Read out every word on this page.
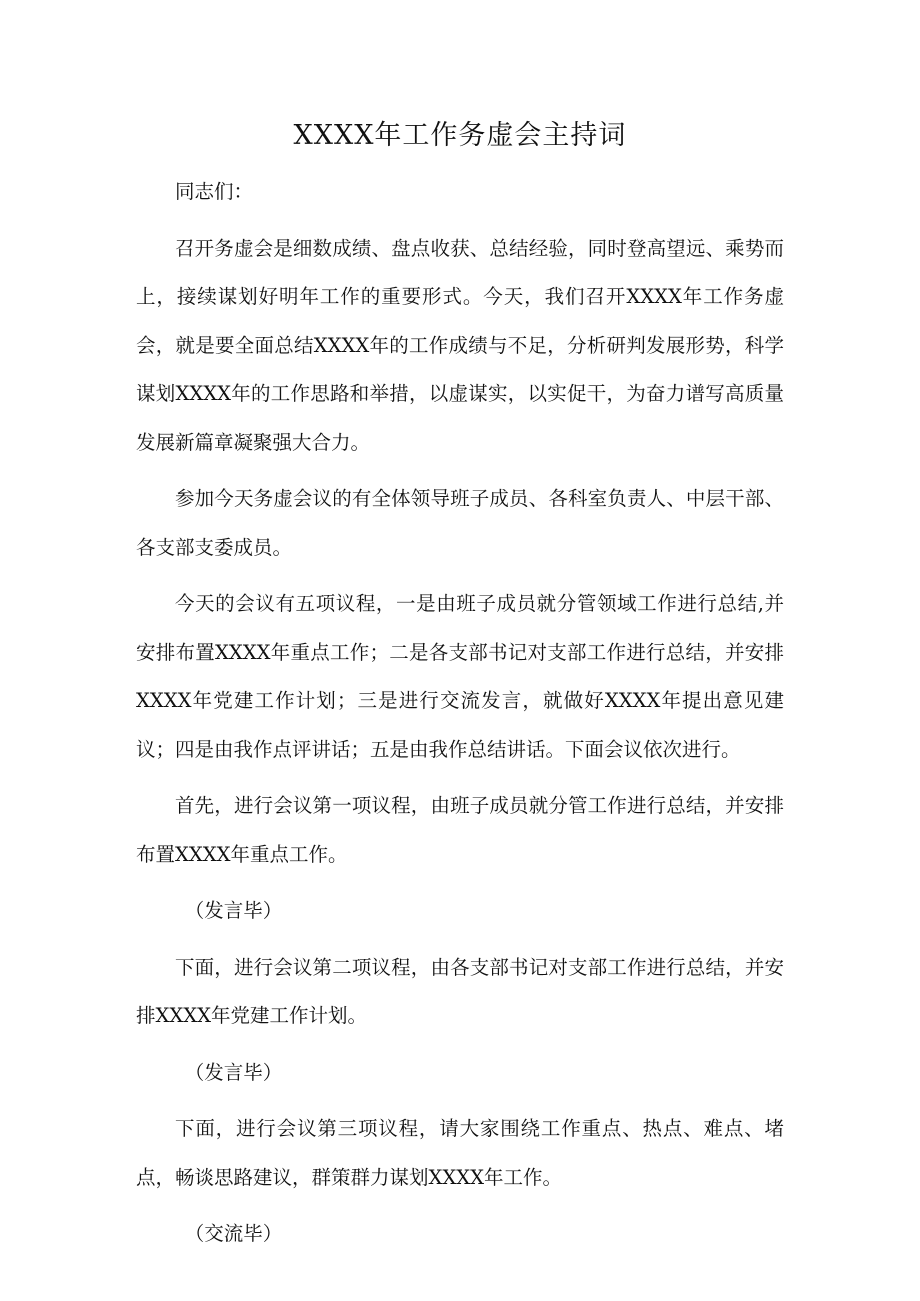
XXXX年工作务虚会主持词

同志们：

召开务虚会是细数成绩、盘点收获、总结经验，同时登高望远、乘势而上，接续谋划好明年工作的重要形式。今天，我们召开XXXX年工作务虚会，就是要全面总结XXXX年的工作成绩与不足，分析研判发展形势，科学谋划XXXX年的工作思路和举措，以虚谋实，以实促干，为奋力谱写高质量发展新篇章凝聚强大合力。

参加今天务虚会议的有全体领导班子成员、各科室负责人、中层干部、各支部支委成员。

今天的会议有五项议程，一是由班子成员就分管领域工作进行总结,并安排布置XXXX年重点工作；二是各支部书记对支部工作进行总结，并安排XXXX年党建工作计划；三是进行交流发言，就做好XXXX年提出意见建议；四是由我作点评讲话；五是由我作总结讲话。下面会议依次进行。

首先，进行会议第一项议程，由班子成员就分管工作进行总结，并安排布置XXXX年重点工作。

（发言毕）

下面，进行会议第二项议程，由各支部书记对支部工作进行总结，并安排XXXX年党建工作计划。

（发言毕）

下面，进行会议第三项议程，请大家围绕工作重点、热点、难点、堵点，畅谈思路建议，群策群力谋划XXXX年工作。

（交流毕）
